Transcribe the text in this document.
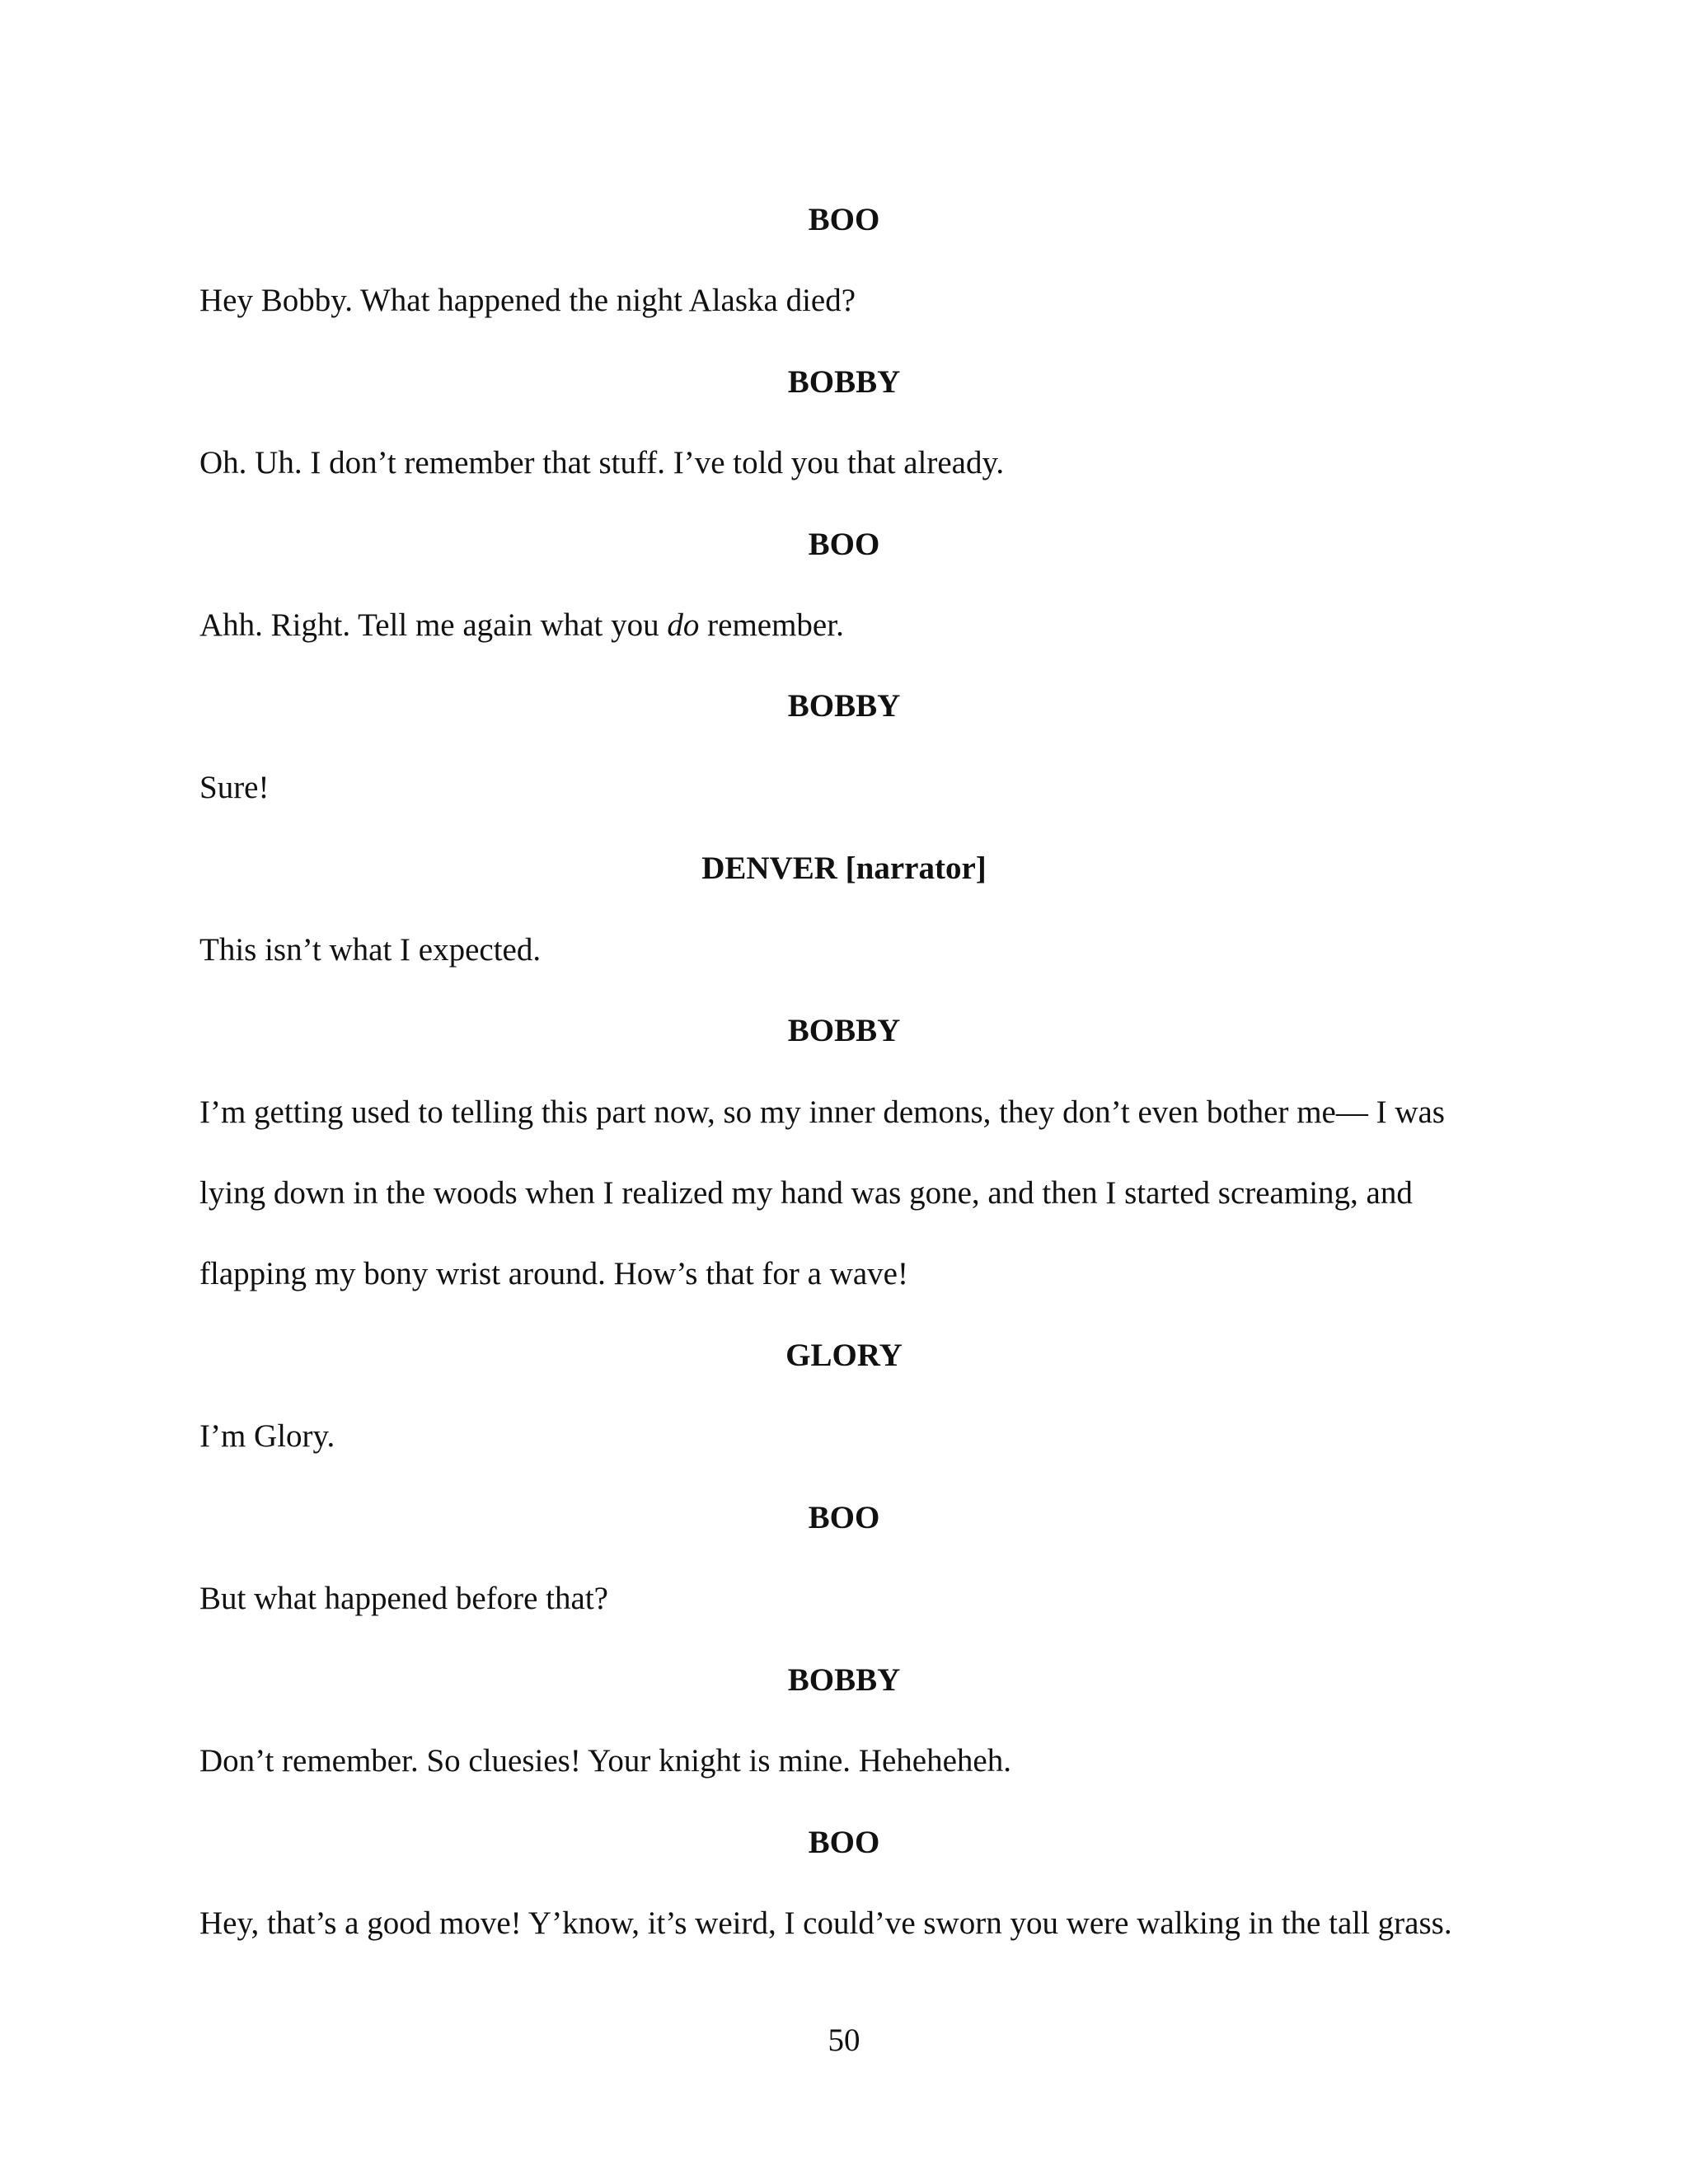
BOO
Hey Bobby. What happened the night Alaska died?
BOBBY
Oh. Uh. I don’t remember that stuff. I’ve told you that already.
BOO
Ahh. Right. Tell me again what you do remember.
BOBBY
Sure!
DENVER [narrator]
This isn’t what I expected.
BOBBY
I’m getting used to telling this part now, so my inner demons, they don’t even bother me— I was
lying down in the woods when I realized my hand was gone, and then I started screaming, and
flapping my bony wrist around. How’s that for a wave!
GLORY
I’m Glory.
BOO
But what happened before that?
BOBBY
Don’t remember. So cluesies! Your knight is mine. Heheheheh.
BOO
Hey, that’s a good move! Y’know, it’s weird, I could’ve sworn you were walking in the tall grass.
50
